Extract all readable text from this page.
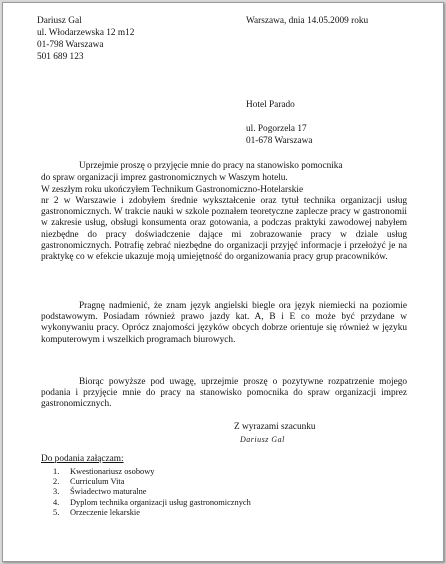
Dariusz Gal
ul. Włodarzewska 12 m12
01-798 Warszawa
501 689 123
Warszawa, dnia 14.05.2009 roku
Hotel Parado
ul. Pogorzela 17
01-678 Warszawa
Uprzejmie proszę o przyjęcie mnie do pracy na stanowisko pomocnika
do spraw organizacji imprez gastronomicznych w Waszym hotelu.
W zeszłym roku ukończyłem Technikum Gastronomiczno-Hotelarskie
nr 2 w Warszawie i zdobyłem średnie wykształcenie oraz tytuł technika organizacji usług gastronomicznych. W trakcie nauki w szkole poznałem teoretyczne zaplecze pracy w gastronomii w zakresie usług, obsługi konsumenta oraz gotowania, a podczas praktyki zawodowej nabyłem niezbędne do pracy doświadczenie dające mi zobrazowanie pracy w dziale usług gastronomicznych. Potrafię zebrać niezbędne do organizacji przyjęć informacje i przełożyć je na praktykę co w efekcie ukazuje moją umiejętność do organizowania pracy grup pracowników.
Pragnę nadmienić, że znam język angielski biegle ora język niemiecki na poziomie podstawowym. Posiadam również prawo jazdy kat. A, B i E co może być przydane w wykonywaniu pracy. Oprócz znajomości języków obcych dobrze orientuje się również w języku komputerowym i wszelkich programach biurowych.
Biorąc powyższe pod uwagę, uprzejmie proszę o pozytywne rozpatrzenie mojego podania i przyjęcie mnie do pracy na stanowisko pomocnika do spraw organizacji imprez gastronomicznych.
Z wyrazami szacunku
Dariusz Gal
Do podania załączam:
1. Kwestionariusz osobowy
2. Curriculum Vita
3. Świadectwo maturalne
4. Dyplom technika organizacji usług gastronomicznych
5. Orzeczenie lekarskie
